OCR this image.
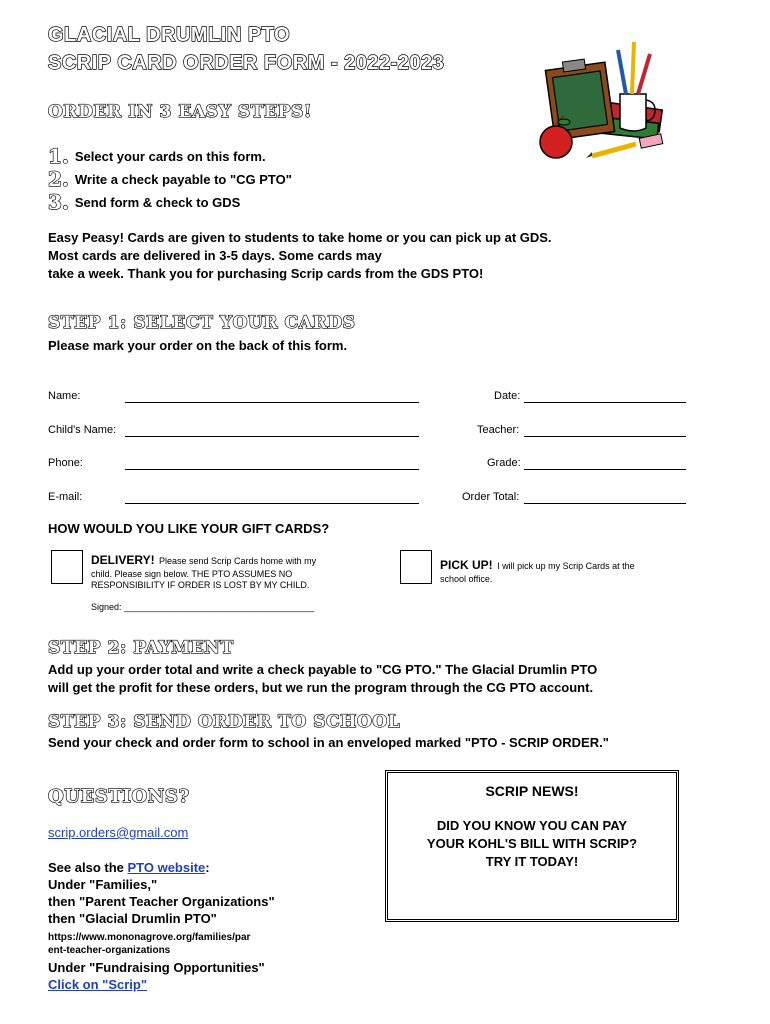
GLACIAL DRUMLIN PTO
SCRIP CARD ORDER FORM - 2022-2023
ORDER IN 3 EASY STEPS!
1. Select your cards on this form.
2. Write a check payable to "CG PTO"
3. Send form & check to GDS
Easy Peasy! Cards are given to students to take home or you can pick up at GDS.
Most cards are delivered in 3-5 days. Some cards may
take a week. Thank you for purchasing Scrip cards from the GDS PTO!
STEP 1: SELECT YOUR CARDS
Please mark your order on the back of this form.
Name:
Child's Name:
Phone:
E-mail:
Date:
Teacher:
Grade:
Order Total:
HOW WOULD YOU LIKE YOUR GIFT CARDS?
DELIVERY! Please send Scrip Cards home with my
child. Please sign below. THE PTO ASSUMES NO
RESPONSIBILITY IF ORDER IS LOST BY MY CHILD.
PICK UP! I will pick up my Scrip Cards at the
school office.
Signed: ______________________________________
STEP 2: PAYMENT
Add up your order total and write a check payable to "CG PTO." The Glacial Drumlin PTO
will get the profit for these orders, but we run the program through the CG PTO account.
STEP 3: SEND ORDER TO SCHOOL
Send your check and order form to school in an enveloped marked "PTO - SCRIP ORDER."
QUESTIONS?
scrip.orders@gmail.com
See also the PTO website:
Under "Families,"
then "Parent Teacher Organizations"
then "Glacial Drumlin PTO"
https://www.mononagrove.org/families/par
ent-teacher-organizations
Under "Fundraising Opportunities"
Click on "Scrip"
SCRIP NEWS!
DID YOU KNOW YOU CAN PAY
YOUR KOHL'S BILL WITH SCRIP?
TRY IT TODAY!
